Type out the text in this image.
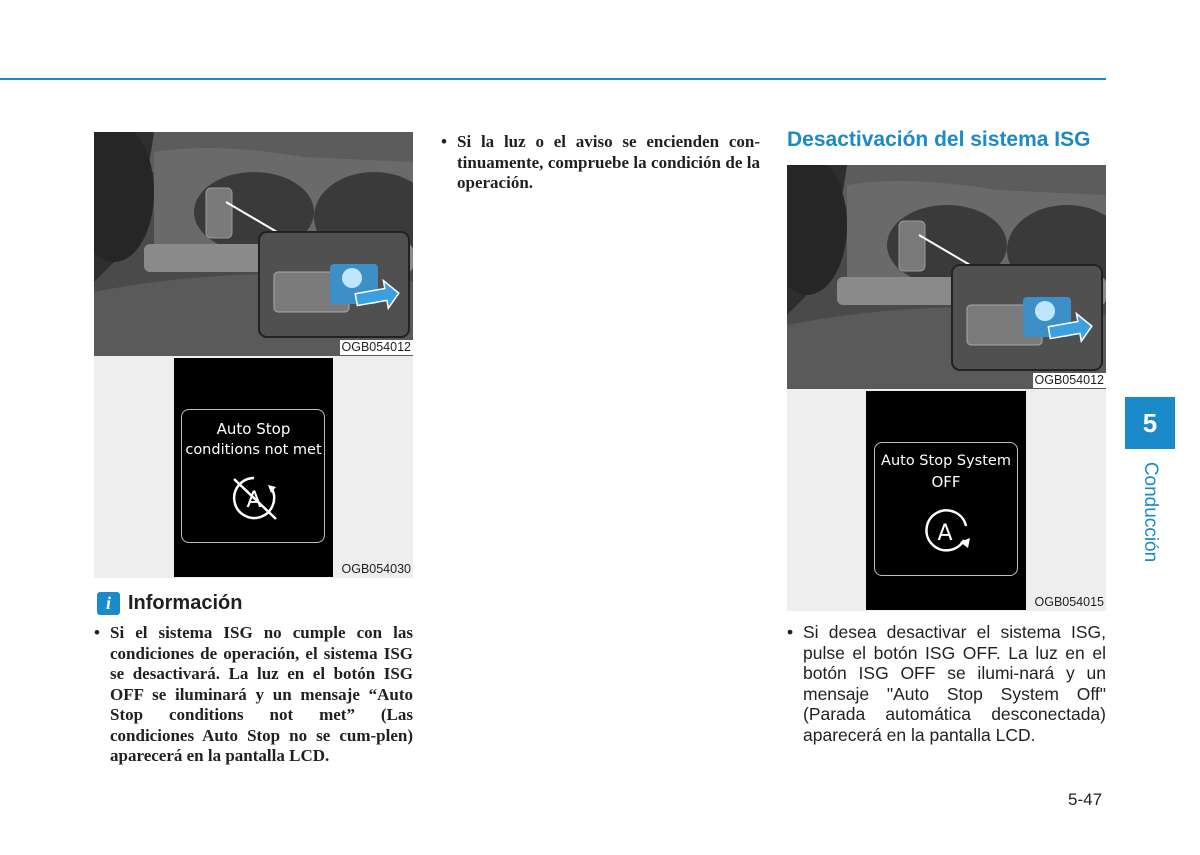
OGB054012
Auto Stop
conditions not met
A
OGB054030
i Información
• Si el sistema ISG no cumple con las condiciones de operación, el sistema ISG se desactivará. La luz en el botón ISG OFF se iluminará y un mensaje “Auto Stop conditions not met” (Las condiciones Auto Stop no se cum-plen) aparecerá en la pantalla LCD.
• Si la luz o el aviso se encienden con-tinuamente, compruebe la condición de la operación.
Desactivación del sistema ISG
OGB054012
Auto Stop System
OFF
A
OGB054015
• Si desea desactivar el sistema ISG, pulse el botón ISG OFF. La luz en el botón ISG OFF se ilumi-nará y un mensaje "Auto Stop System Off" (Parada automática desconectada) aparecerá en la pantalla LCD.
5
Conducción
5-47
